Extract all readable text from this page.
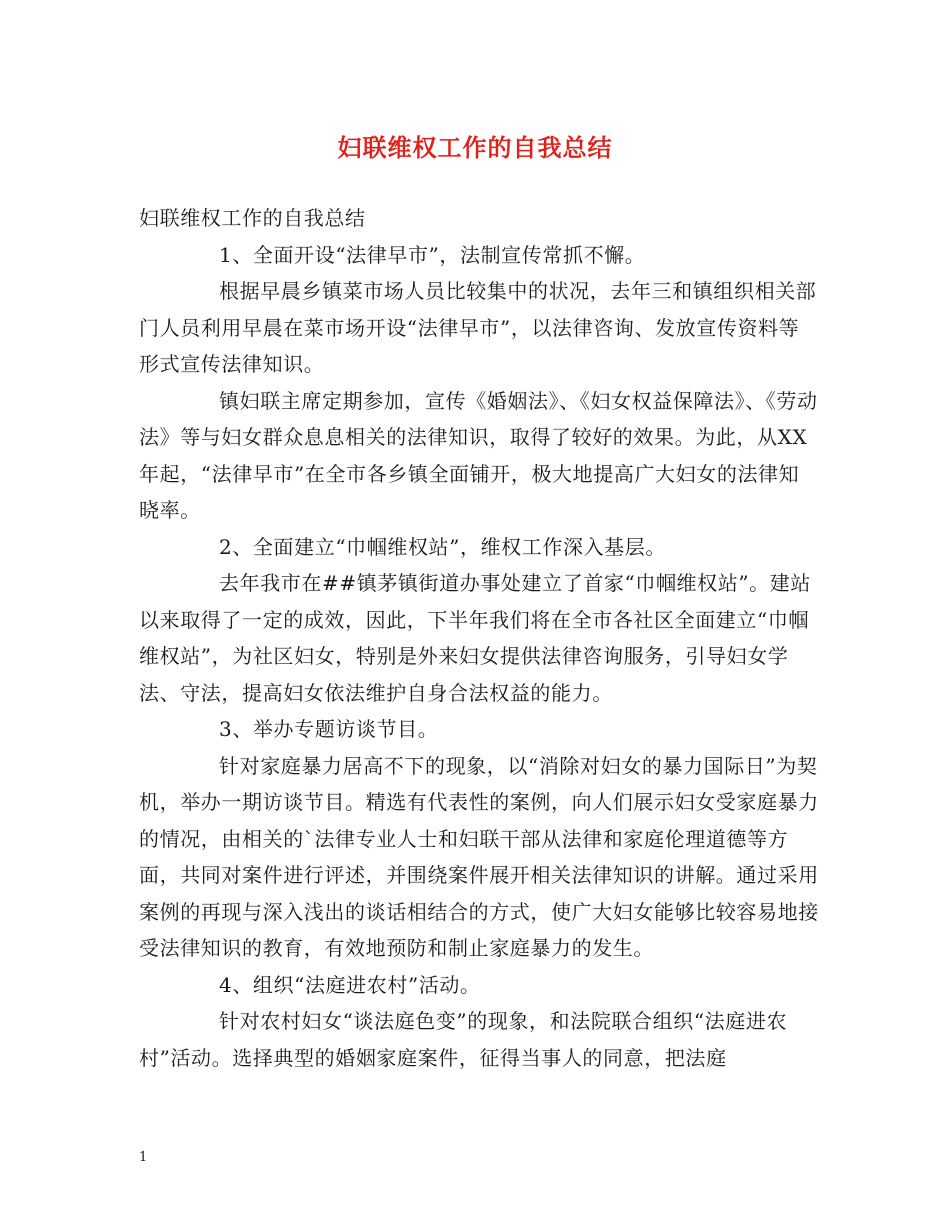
妇联维权工作的自我总结

妇联维权工作的自我总结

1、全面开设“法律早市”，法制宣传常抓不懈。

根据早晨乡镇菜市场人员比较集中的状况，去年三和镇组织相关部门人员利用早晨在菜市场开设“法律早市”，以法律咨询、发放宣传资料等形式宣传法律知识。

镇妇联主席定期参加，宣传《婚姻法》、《妇女权益保障法》、《劳动法》等与妇女群众息息相关的法律知识，取得了较好的效果。为此，从XX年起，“法律早市”在全市各乡镇全面铺开，极大地提高广大妇女的法律知晓率。

2、全面建立“巾帼维权站”，维权工作深入基层。

去年我市在##镇茅镇街道办事处建立了首家“巾帼维权站”。建站以来取得了一定的成效，因此，下半年我们将在全市各社区全面建立“巾帼维权站”，为社区妇女，特别是外来妇女提供法律咨询服务，引导妇女学法、守法，提高妇女依法维护自身合法权益的能力。

3、举办专题访谈节目。

针对家庭暴力居高不下的现象，以“消除对妇女的暴力国际日”为契机，举办一期访谈节目。精选有代表性的案例，向人们展示妇女受家庭暴力的情况，由相关的`法律专业人士和妇联干部从法律和家庭伦理道德等方面，共同对案件进行评述，并围绕案件展开相关法律知识的讲解。通过采用案例的再现与深入浅出的谈话相结合的方式，使广大妇女能够比较容易地接受法律知识的教育，有效地预防和制止家庭暴力的发生。

4、组织“法庭进农村”活动。

针对农村妇女“谈法庭色变”的现象，和法院联合组织“法庭进农村”活动。选择典型的婚姻家庭案件，征得当事人的同意，把法庭

1
